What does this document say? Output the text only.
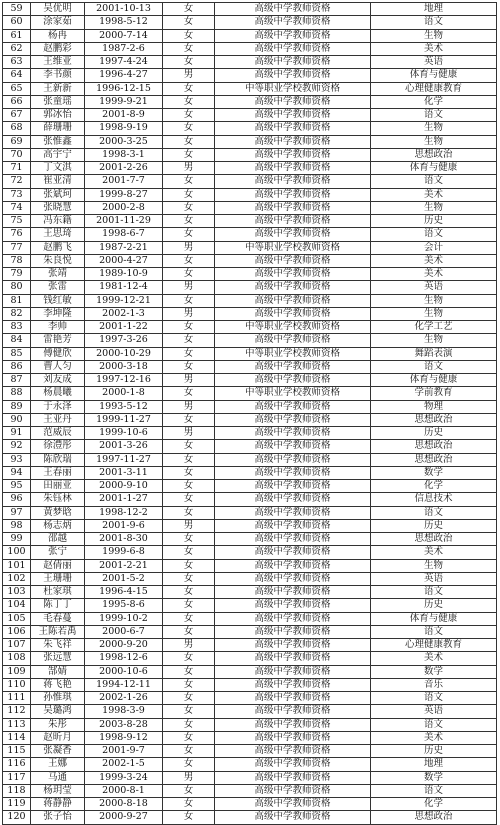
59	吴优明	2001-10-13	女	高级中学教师资格	地理
60	涂家茹	1998-5-12	女	高级中学教师资格	语文
61	杨冉	2000-7-14	女	高级中学教师资格	生物
62	赵鹏彩	1987-2-6	女	高级中学教师资格	美术
63	王维亚	1997-4-24	女	高级中学教师资格	英语
64	李书颜	1996-4-27	男	高级中学教师资格	体育与健康
65	王新新	1996-12-15	女	中等职业学校教师资格	心理健康教育
66	张童瑶	1999-9-21	女	高级中学教师资格	化学
67	郭冰怡	2001-8-9	女	高级中学教师资格	语文
68	薛珊珊	1998-9-19	女	高级中学教师资格	生物
69	张惟鑫	2000-3-25	女	高级中学教师资格	生物
70	高宇宁	1998-3-1	女	高级中学教师资格	思想政治
71	丁文淇	2001-2-26	男	高级中学教师资格	体育与健康
72	崔亚清	2001-7-7	女	高级中学教师资格	语文
73	张斌珂	1999-8-27	女	高级中学教师资格	美术
74	张晓慧	2000-2-8	女	高级中学教师资格	生物
75	冯东籍	2001-11-29	女	高级中学教师资格	历史
76	王思琦	1998-6-7	女	高级中学教师资格	语文
77	赵鹏飞	1987-2-21	男	中等职业学校教师资格	会计
78	朱良悦	2000-4-27	女	高级中学教师资格	美术
79	张靖	1989-10-9	女	高级中学教师资格	美术
80	张雷	1981-12-4	男	高级中学教师资格	英语
81	钱红敏	1999-12-21	女	高级中学教师资格	生物
82	李坤隆	2002-1-3	男	高级中学教师资格	生物
83	李帅	2001-1-22	女	中等职业学校教师资格	化学工艺
84	雷艳芳	1997-3-26	女	高级中学教师资格	生物
85	傅健欣	2000-10-29	女	中等职业学校教师资格	舞蹈表演
86	曹人匀	2000-3-18	女	高级中学教师资格	语文
87	刘友成	1997-12-16	男	高级中学教师资格	体育与健康
88	杨晨曦	2000-1-8	女	中等职业学校教师资格	学前教育
89	于永泽	1993-5-12	男	高级中学教师资格	物理
90	王亚丹	1999-11-27	女	高级中学教师资格	思想政治
91	范威辰	1999-10-6	男	高级中学教师资格	历史
92	徐澧彤	2001-3-26	女	高级中学教师资格	思想政治
93	陈欣瑞	1997-11-27	女	高级中学教师资格	思想政治
94	王春丽	2001-3-11	女	高级中学教师资格	数学
95	田丽亚	2000-9-10	女	高级中学教师资格	化学
96	朱钰林	2001-1-27	女	高级中学教师资格	信息技术
97	黄梦晗	1998-12-2	女	高级中学教师资格	语文
98	杨志炳	2001-9-6	男	高级中学教师资格	历史
99	邵越	2001-8-30	女	高级中学教师资格	思想政治
100	张宁	1999-6-8	女	高级中学教师资格	美术
101	赵倩丽	2001-2-21	女	高级中学教师资格	生物
102	王珊珊	2001-5-2	女	高级中学教师资格	英语
103	杜家琪	1996-4-15	女	高级中学教师资格	语文
104	陈丁丁	1995-8-6	女	高级中学教师资格	历史
105	毛春蔓	1999-10-2	女	高级中学教师资格	体育与健康
106	王陈若禹	2000-6-7	女	高级中学教师资格	语文
107	朱飞祥	2000-9-20	男	高级中学教师资格	心理健康教育
108	张远慧	1998-12-6	女	高级中学教师资格	美术
109	郜婧	2000-10-6	女	高级中学教师资格	数学
110	蒋飞艳	1994-12-11	女	高级中学教师资格	音乐
111	孙惟琪	2002-1-26	女	高级中学教师资格	语文
112	吴璐鸿	1998-3-9	女	高级中学教师资格	英语
113	朱彤	2003-8-28	女	高级中学教师资格	语文
114	赵昕月	1998-9-12	女	高级中学教师资格	美术
115	张凝香	2001-9-7	女	高级中学教师资格	历史
116	王娜	2002-1-5	女	高级中学教师资格	地理
117	马通	1999-3-24	男	高级中学教师资格	数学
118	杨玥莹	2000-8-1	女	高级中学教师资格	语文
119	蒋静静	2000-8-18	女	高级中学教师资格	化学
120	张子怡	2000-9-27	女	高级中学教师资格	思想政治
